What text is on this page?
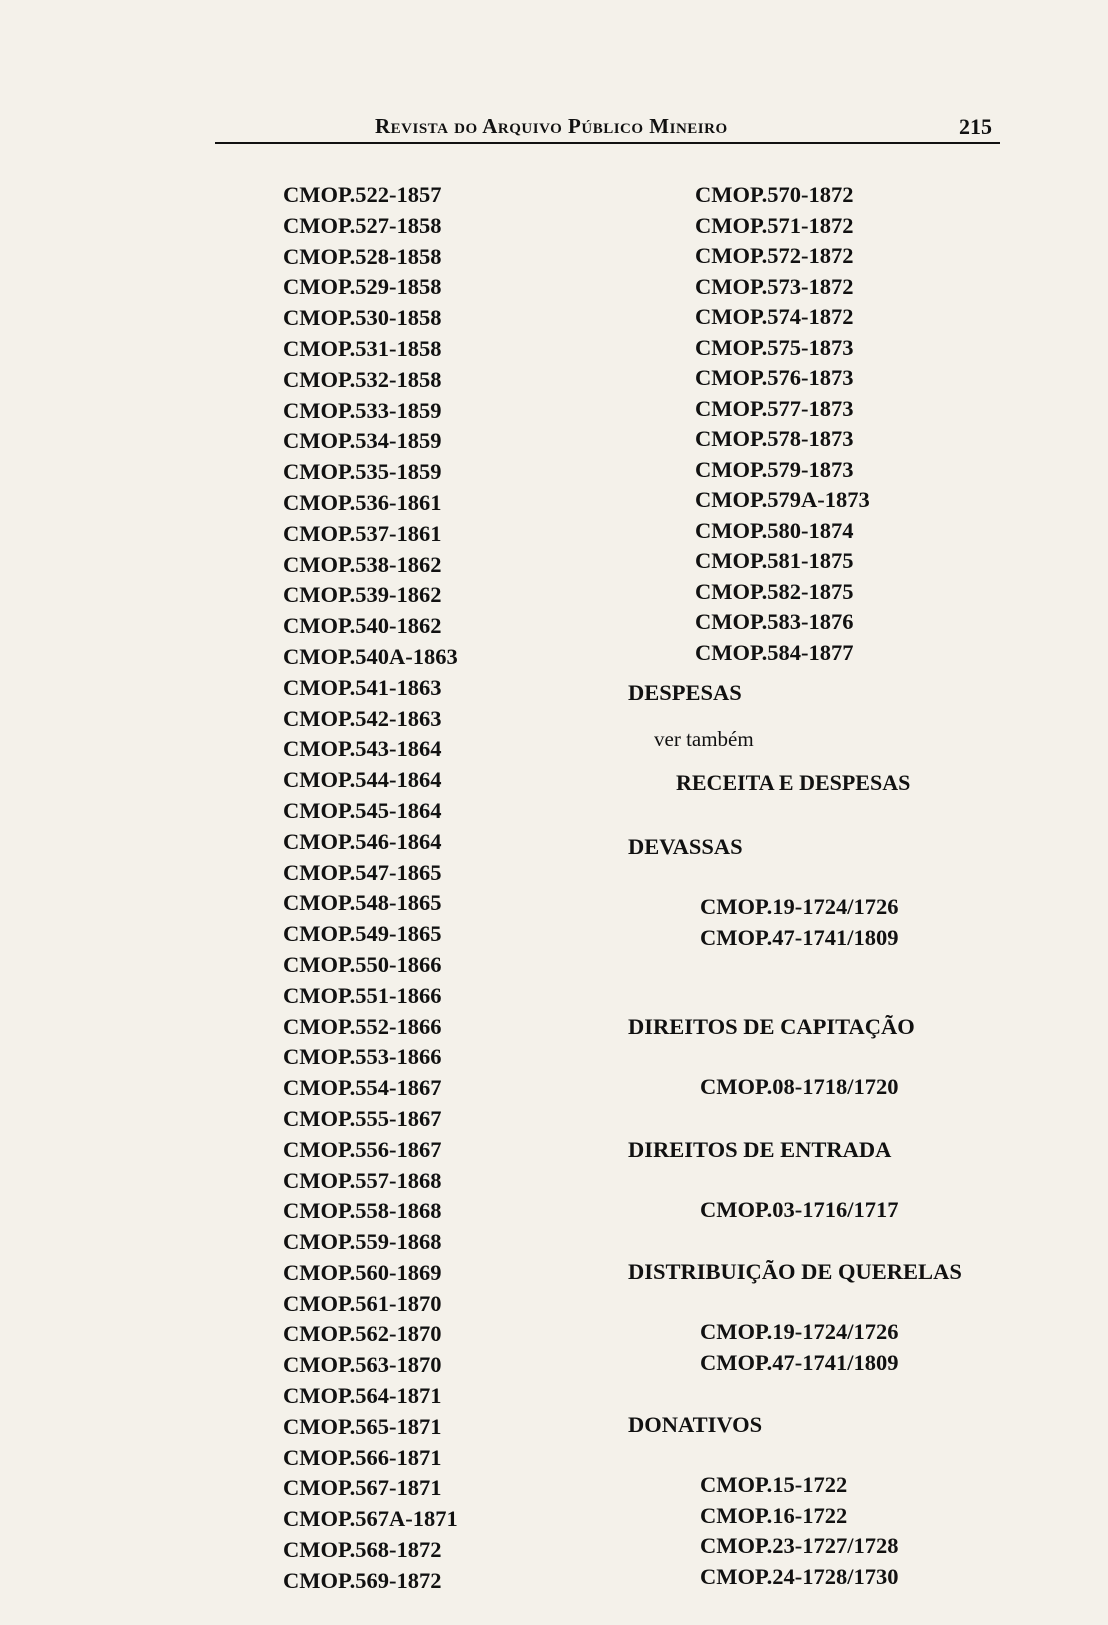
Revista do Arquivo Público Mineiro	215
CMOP.522-1857
CMOP.527-1858
CMOP.528-1858
CMOP.529-1858
CMOP.530-1858
CMOP.531-1858
CMOP.532-1858
CMOP.533-1859
CMOP.534-1859
CMOP.535-1859
CMOP.536-1861
CMOP.537-1861
CMOP.538-1862
CMOP.539-1862
CMOP.540-1862
CMOP.540A-1863
CMOP.541-1863
CMOP.542-1863
CMOP.543-1864
CMOP.544-1864
CMOP.545-1864
CMOP.546-1864
CMOP.547-1865
CMOP.548-1865
CMOP.549-1865
CMOP.550-1866
CMOP.551-1866
CMOP.552-1866
CMOP.553-1866
CMOP.554-1867
CMOP.555-1867
CMOP.556-1867
CMOP.557-1868
CMOP.558-1868
CMOP.559-1868
CMOP.560-1869
CMOP.561-1870
CMOP.562-1870
CMOP.563-1870
CMOP.564-1871
CMOP.565-1871
CMOP.566-1871
CMOP.567-1871
CMOP.567A-1871
CMOP.568-1872
CMOP.569-1872
CMOP.570-1872
CMOP.571-1872
CMOP.572-1872
CMOP.573-1872
CMOP.574-1872
CMOP.575-1873
CMOP.576-1873
CMOP.577-1873
CMOP.578-1873
CMOP.579-1873
CMOP.579A-1873
CMOP.580-1874
CMOP.581-1875
CMOP.582-1875
CMOP.583-1876
CMOP.584-1877
DESPESAS
ver também
RECEITA E DESPESAS
DEVASSAS
CMOP.19-1724/1726
CMOP.47-1741/1809
DIREITOS DE CAPITAÇÃO
CMOP.08-1718/1720
DIREITOS DE ENTRADA
CMOP.03-1716/1717
DISTRIBUIÇÃO DE QUERELAS
CMOP.19-1724/1726
CMOP.47-1741/1809
DONATIVOS
CMOP.15-1722
CMOP.16-1722
CMOP.23-1727/1728
CMOP.24-1728/1730
